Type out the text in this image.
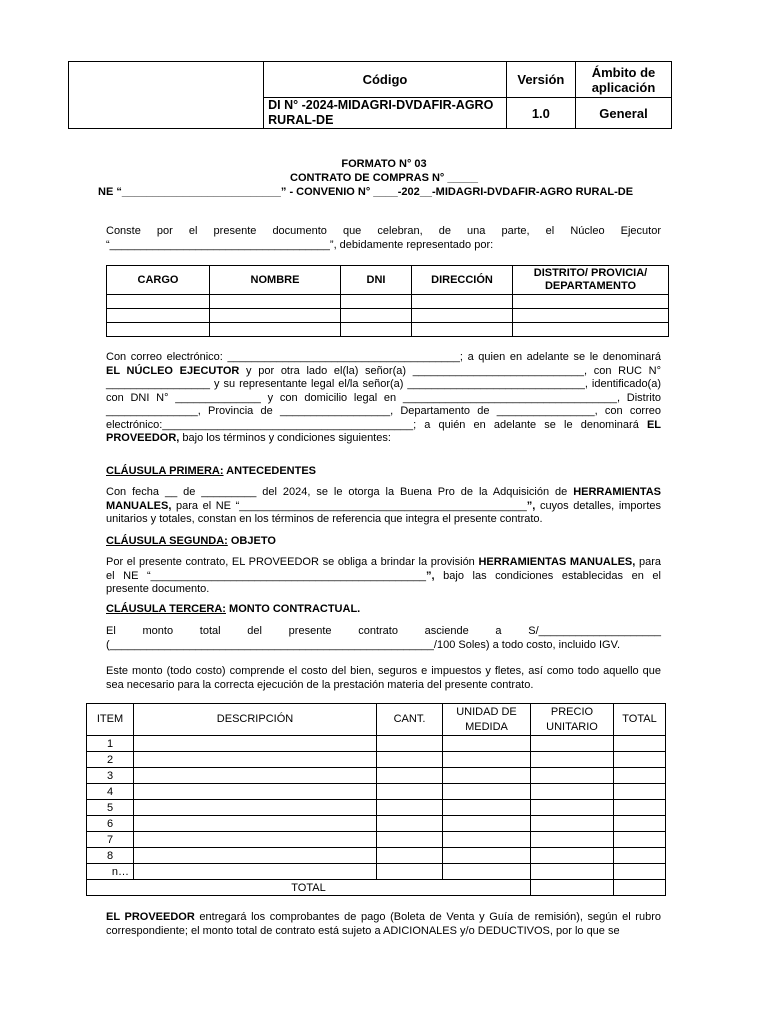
	Código	Versión	Ámbito de aplicación
	DI N° -2024-MIDAGRI-DVDAFIR-AGRO RURAL-DE	1.0	General
FORMATO N° 03
CONTRATO DE COMPRAS N° _____
NE “__________________________” - CONVENIO N° ____-202__-MIDAGRI-DVDAFIR-AGRO RURAL-DE
Conste por el presente documento que celebran, de una parte, el Núcleo Ejecutor “____________________________________”, debidamente representado por:
CARGO	NOMBRE	DNI	DIRECCIÓN	DISTRITO/ PROVICIA/ DEPARTAMENTO

Con correo electrónico: ______________________________________; a quien en adelante se le denominará EL NÚCLEO EJECUTOR y por otra lado el(la) señor(a) ____________________________, con RUC N° _________________ y su representante legal el/la señor(a) _____________________________, identificado(a) con DNI N° ______________ y con domicilio legal en ___________________________________, Distrito _______________, Provincia de __________________, Departamento de ________________, con correo electrónico:_________________________________________; a quién en adelante se le denominará EL PROVEEDOR, bajo los términos y condiciones siguientes:
CLÁUSULA PRIMERA: ANTECEDENTES
Con fecha __ de _________ del 2024, se le otorga la Buena Pro de la Adquisición de HERRAMIENTAS MANUALES, para el NE “_______________________________________________”, cuyos detalles, importes unitarios y totales, constan en los términos de referencia que integra el presente contrato.
CLÁUSULA SEGUNDA: OBJETO
Por el presente contrato, EL PROVEEDOR se obliga a brindar la provisión HERRAMIENTAS MANUALES, para el NE “_____________________________________________”, bajo las condiciones establecidas en el presente documento.
CLÁUSULA TERCERA: MONTO CONTRACTUAL.
El monto total del presente contrato asciende a S/____________________ (_____________________________________________________/100 Soles) a todo costo, incluido IGV.
Este monto (todo costo) comprende el costo del bien, seguros e impuestos y fletes, así como todo aquello que sea necesario para la correcta ejecución de la prestación materia del presente contrato.
ITEM	DESCRIPCIÓN	CANT.	UNIDAD DE MEDIDA	PRECIO UNITARIO	TOTAL
1					
2					
3					
4					
5					
6					
7					
8					
n…					
TOTAL					
EL PROVEEDOR entregará los comprobantes de pago (Boleta de Venta y Guía de remisión), según el rubro correspondiente; el monto total de contrato está sujeto a ADICIONALES y/o DEDUCTIVOS, por lo que se
